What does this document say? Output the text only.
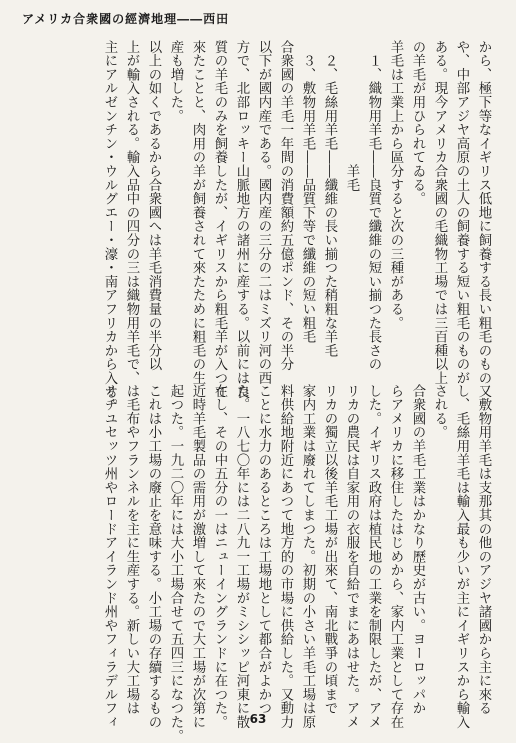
アメリカ合衆國の經濟地理――西田
から、極下等なイギリス低地に飼養する長い粗毛のもの
や、中部アジヤ高原の土人の飼養する短い粗毛のものが
ある。現今アメリカ合衆國の毛織物工場では三百種以上
の羊毛が用ひられてゐる。
羊毛は工業上から區分すると次の三種がある。
　１、織物用羊毛――良質で纖維の短い揃つた長さの
　　　　　　　　　羊毛
　２、毛絲用羊毛――纖維の長い揃つた稍粗な羊毛
　３、敷物用羊毛――品質下等で纖維の短い粗毛
合衆國の羊毛一年間の消費額約五億ポンド、その半分
以下が國内産である。國内産の三分の二はミズリ河の西
方で、北部ロッキー山脈地方の諸州に産する。以前には良
質の羊毛のみを飼養したが、イギリスから粗毛羊が入つて
來たことと、肉用の羊が飼養されて來たために粗毛の生
産も増した。
以上の如くであるから合衆國へは羊毛消費量の半分以
上が輸入される。輸入品中の四分の三は織物用羊毛で、
主にアルゼンチン・ウルグエー・濠・南アフリカから入る。
又敷物用羊毛は支那其の他のアジヤ諸國から主に來る
し、毛絲用羊毛は輸入最も少いが主にイギリスから輸入
される。
合衆國の羊毛工業はかなり歷史が古い。ヨーロッパか
らアメリカに移住したはじめから、家内工業として存在
した。イギリス政府は植民地の工業を制限したが、アメ
リカの農民は自家用の衣服を自給でまにあはせた。アメ
リカの獨立以後羊毛工場が出來て、南北戰爭の頃まで
家内工業は廢れてしまつた。初期の小さい羊毛工場は原
料供給地附近にあつて地方的の市場に供給した。又動力
ことに水力のあるところは工場地として都合がよかつ
た。一八七〇年には二八九一工場がミシシッピ河東に散
在し、その中五分の一はニューイングランドに在つた。
近時羊毛製品の需用が激増して來たので大工場が次第に
起つた。一九二〇年には大小工場合せて五四三になつた。
これは小工場の廢止を意味する。小工場の存續するもの
は毛布やフランネルを主に生産する。新しい大工場は
サチユセッツ州やロードアイランド州やフィラデルフィ	63
